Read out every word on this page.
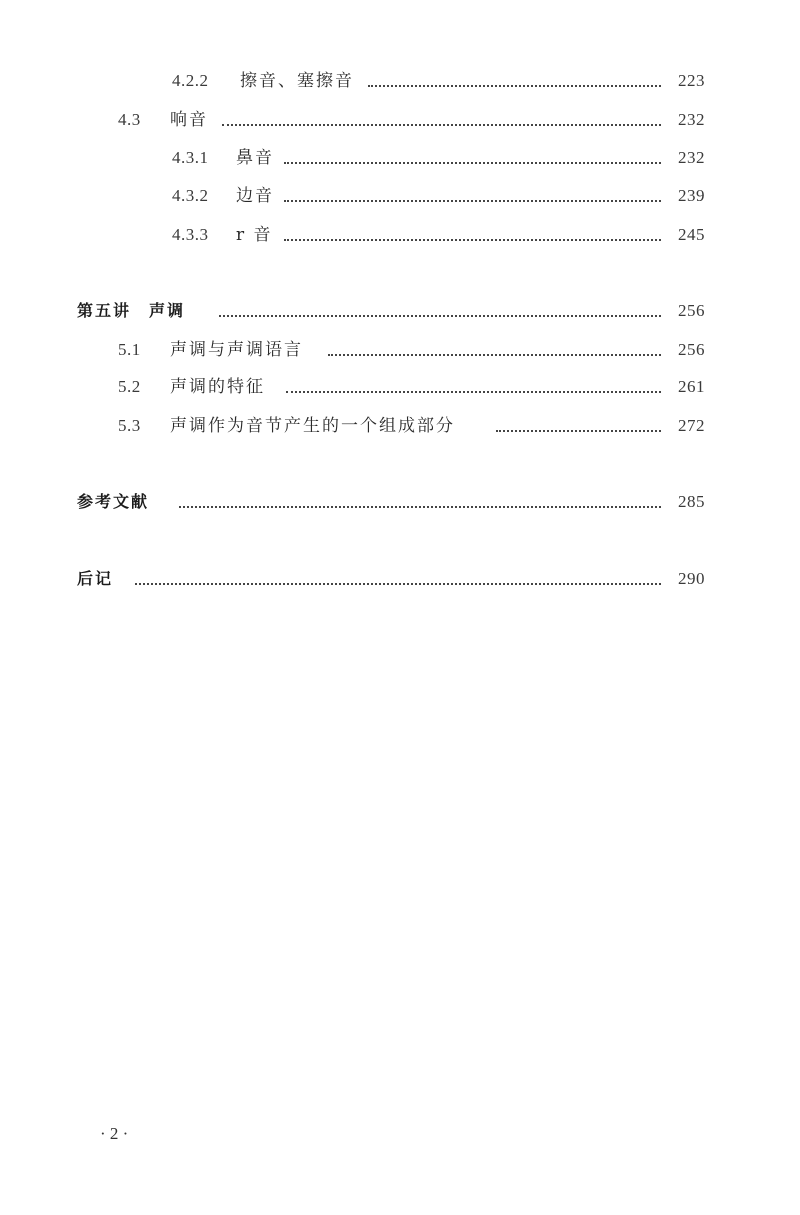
4.2.2 擦音、塞擦音	223
4.3 响音	232
4.3.1 鼻音	232
4.3.2 边音	239
4.3.3 r 音	245
第五讲　声调	256
5.1 声调与声调语言	256
5.2 声调的特征	261
5.3 声调作为音节产生的一个组成部分	272
参考文献	285
后记	290
· 2 ·
